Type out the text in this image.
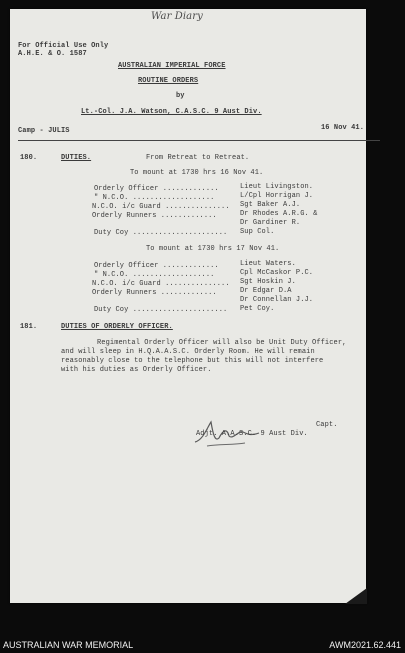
War Diary
For Official Use Only
A.H.E. & O. 1587
AUSTRALIAN IMPERIAL FORCE
ROUTINE ORDERS
by
Lt.-Col. J.A. Watson, C.A.S.C. 9 Aust Div.
Camp - JULIS	16 Nov 41.
180.	DUTIES.	From Retreat to Retreat.
To mount at 1730 hrs 16 Nov 41.
Orderly Officer .............	Lieut Livingston.
" N.C.O. ...................	L/Cpl Horrigan J.
N.C.O. i/c Guard ............... Sgt Baker A.J.
Orderly Runners .............	Dr Rhodes A.R.G. &
Dr Gardiner R.
Duty Coy ...................... Sup Col.
To mount at 1730 hrs 17 Nov 41.
Orderly Officer .............	Lieut Waters.
" N.C.O. ...................	Cpl McCaskor P.C.
N.C.O. i/c Guard ............... Sgt Hoskin J.
Orderly Runners .............	Dr Edgar D.A
Dr Connellan J.J.
Duty Coy ...................... Pet Coy.
181.	DUTIES OF ORDERLY OFFICER.
Regimental Orderly Officer will also be Unit Duty Officer,
and will sleep in H.Q.A.A.S.C. Orderly Room. He will remain
reasonably close to the telephone but this will not interfere
with his duties as Orderly Officer.
Capt.
Adjt. A.A.S.C. 9 Aust Div.
AUSTRALIAN WAR MEMORIAL	AWM2021.62.441
